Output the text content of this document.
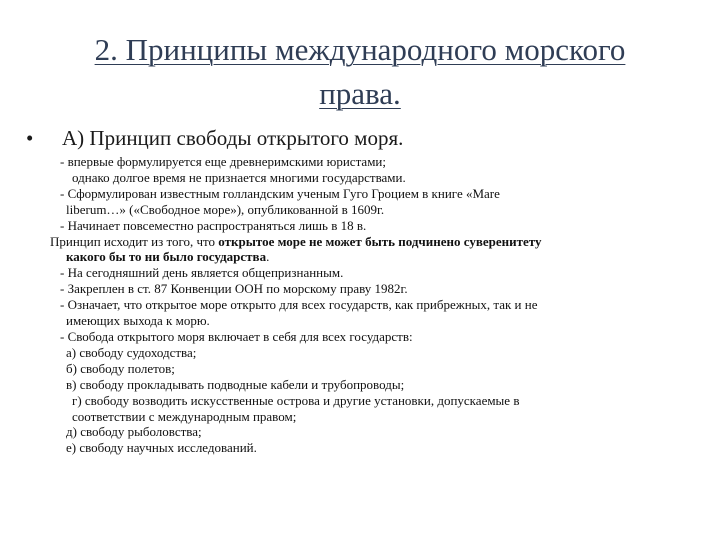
2. Принципы международного морского
права.
• А) Принцип свободы открытого моря.
- впервые формулируется еще древнеримскими юристами;
однако долгое время не признается многими государствами.
- Сформулирован известным голландским ученым Гуго Гроцием в книге «Mare
liberum…» («Свободное море»), опубликованной в 1609г.
- Начинает повсеместно распространяться лишь в 18 в.
Принцип исходит из того, что открытое море не может быть подчинено суверенитету
какого бы то ни было государства.
- На сегодняшний день является общепризнанным.
- Закреплен в ст. 87 Конвенции ООН по морскому праву 1982г.
- Означает, что открытое море открыто для всех государств, как прибрежных, так и не
имеющих выхода к морю.
- Свобода открытого моря включает в себя для всех государств:
а) свободу судоходства;
б) свободу полетов;
в) свободу прокладывать подводные кабели и трубопроводы;
г) свободу возводить искусственные острова и другие установки, допускаемые в
соответствии с международным правом;
д) свободу рыболовства;
е) свободу научных исследований.
